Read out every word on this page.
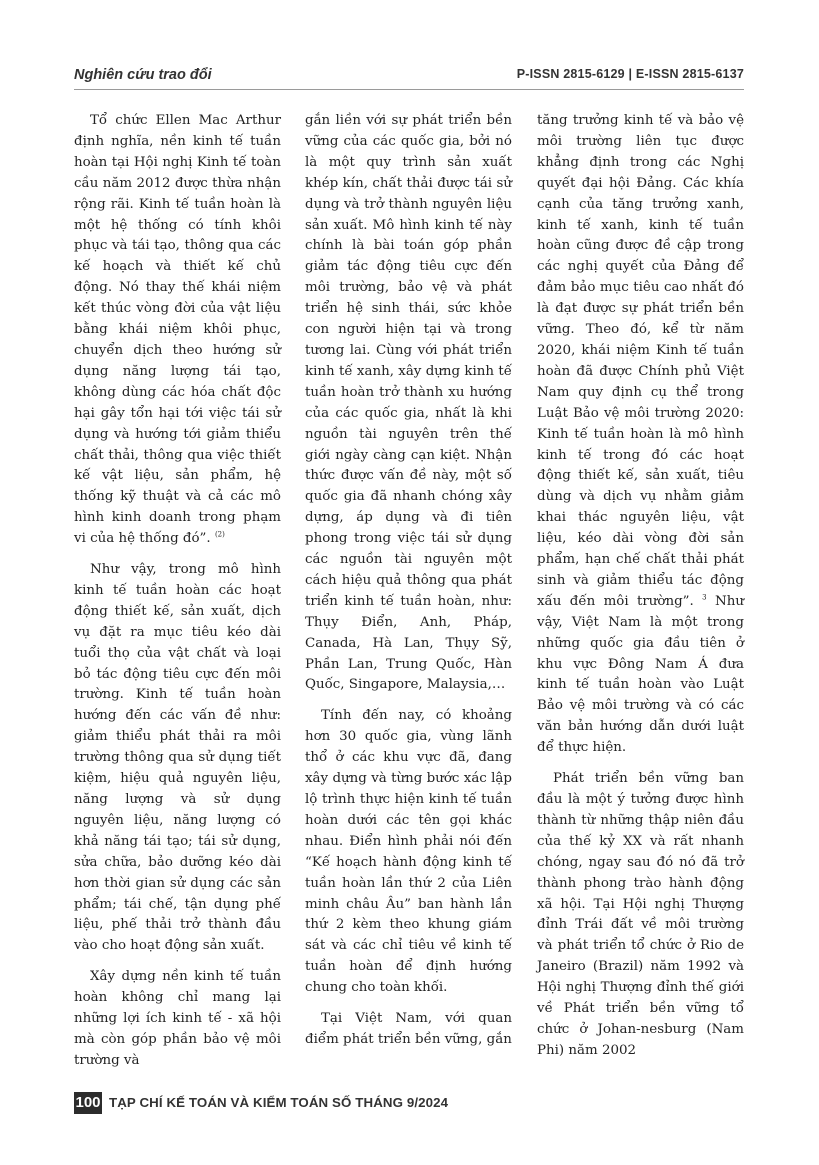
Nghiên cứu trao đổi	P-ISSN 2815-6129 | E-ISSN 2815-6137

Tổ chức Ellen Mac Arthur định nghĩa, nền kinh tế tuần hoàn tại Hội nghị Kinh tế toàn cầu năm 2012 được thừa nhận rộng rãi. Kinh tế tuần hoàn là một hệ thống có tính khôi phục và tái tạo, thông qua các kế hoạch và thiết kế chủ động. Nó thay thế khái niệm kết thúc vòng đời của vật liệu bằng khái niệm khôi phục, chuyển dịch theo hướng sử dụng năng lượng tái tạo, không dùng các hóa chất độc hại gây tổn hại tới việc tái sử dụng và hướng tới giảm thiểu chất thải, thông qua việc thiết kế vật liệu, sản phẩm, hệ thống kỹ thuật và cả các mô hình kinh doanh trong phạm vi của hệ thống đó”. $^{(2)}$

Như vậy, trong mô hình kinh tế tuần hoàn các hoạt động thiết kế, sản xuất, dịch vụ đặt ra mục tiêu kéo dài tuổi thọ của vật chất và loại bỏ tác động tiêu cực đến môi trường. Kinh tế tuần hoàn hướng đến các vấn đề như: giảm thiểu phát thải ra môi trường thông qua sử dụng tiết kiệm, hiệu quả nguyên liệu, năng lượng và sử dụng nguyên liệu, năng lượng có khả năng tái tạo; tái sử dụng, sửa chữa, bảo dưỡng kéo dài hơn thời gian sử dụng các sản phẩm; tái chế, tận dụng phế liệu, phế thải trở thành đầu vào cho hoạt động sản xuất.

Xây dựng nền kinh tế tuần hoàn không chỉ mang lại những lợi ích kinh tế - xã hội mà còn góp phần bảo vệ môi trường và

gắn liền với sự phát triển bền vững của các quốc gia, bởi nó là một quy trình sản xuất khép kín, chất thải được tái sử dụng và trở thành nguyên liệu sản xuất. Mô hình kinh tế này chính là bài toán góp phần giảm tác động tiêu cực đến môi trường, bảo vệ và phát triển hệ sinh thái, sức khỏe con người hiện tại và trong tương lai. Cùng với phát triển kinh tế xanh, xây dựng kinh tế tuần hoàn trở thành xu hướng của các quốc gia, nhất là khi nguồn tài nguyên trên thế giới ngày càng cạn kiệt. Nhận thức được vấn đề này, một số quốc gia đã nhanh chóng xây dựng, áp dụng và đi tiên phong trong việc tái sử dụng các nguồn tài nguyên một cách hiệu quả thông qua phát triển kinh tế tuần hoàn, như: Thụy Điển, Anh, Pháp, Canada, Hà Lan, Thụy Sỹ, Phần Lan, Trung Quốc, Hàn Quốc, Singapore, Malaysia,…

Tính đến nay, có khoảng hơn 30 quốc gia, vùng lãnh thổ ở các khu vực đã, đang xây dựng và từng bước xác lập lộ trình thực hiện kinh tế tuần hoàn dưới các tên gọi khác nhau. Điển hình phải nói đến “Kế hoạch hành động kinh tế tuần hoàn lần thứ 2 của Liên minh châu Âu” ban hành lần thứ 2 kèm theo khung giám sát và các chỉ tiêu về kinh tế tuần hoàn để định hướng chung cho toàn khối.

Tại Việt Nam, với quan điểm phát triển bền vững, gắn

tăng trưởng kinh tế và bảo vệ môi trường liên tục được khẳng định trong các Nghị quyết đại hội Đảng. Các khía cạnh của tăng trưởng xanh, kinh tế xanh, kinh tế tuần hoàn cũng được đề cập trong các nghị quyết của Đảng để đảm bảo mục tiêu cao nhất đó là đạt được sự phát triển bền vững. Theo đó, kể từ năm 2020, khái niệm Kinh tế tuần hoàn đã được Chính phủ Việt Nam quy định cụ thể trong Luật Bảo vệ môi trường 2020: Kinh tế tuần hoàn là mô hình kinh tế trong đó các hoạt động thiết kế, sản xuất, tiêu dùng và dịch vụ nhằm giảm khai thác nguyên liệu, vật liệu, kéo dài vòng đời sản phẩm, hạn chế chất thải phát sinh và giảm thiểu tác động xấu đến môi trường”. $^3$ Như vậy, Việt Nam là một trong những quốc gia đầu tiên ở khu vực Đông Nam Á đưa kinh tế tuần hoàn vào Luật Bảo vệ môi trường và có các văn bản hướng dẫn dưới luật để thực hiện.

Phát triển bền vững ban đầu là một ý tưởng được hình thành từ những thập niên đầu của thế kỷ XX và rất nhanh chóng, ngay sau đó nó đã trở thành phong trào hành động xã hội. Tại Hội nghị Thượng đỉnh Trái đất về môi trường và phát triển tổ chức ở Rio de Janeiro (Brazil) năm 1992 và Hội nghị Thượng đỉnh thế giới về Phát triển bền vững tổ chức ở Johan-nesburg (Nam Phi) năm 2002

100 TẠP CHÍ KẾ TOÁN VÀ KIỂM TOÁN SỐ THÁNG 9/2024
